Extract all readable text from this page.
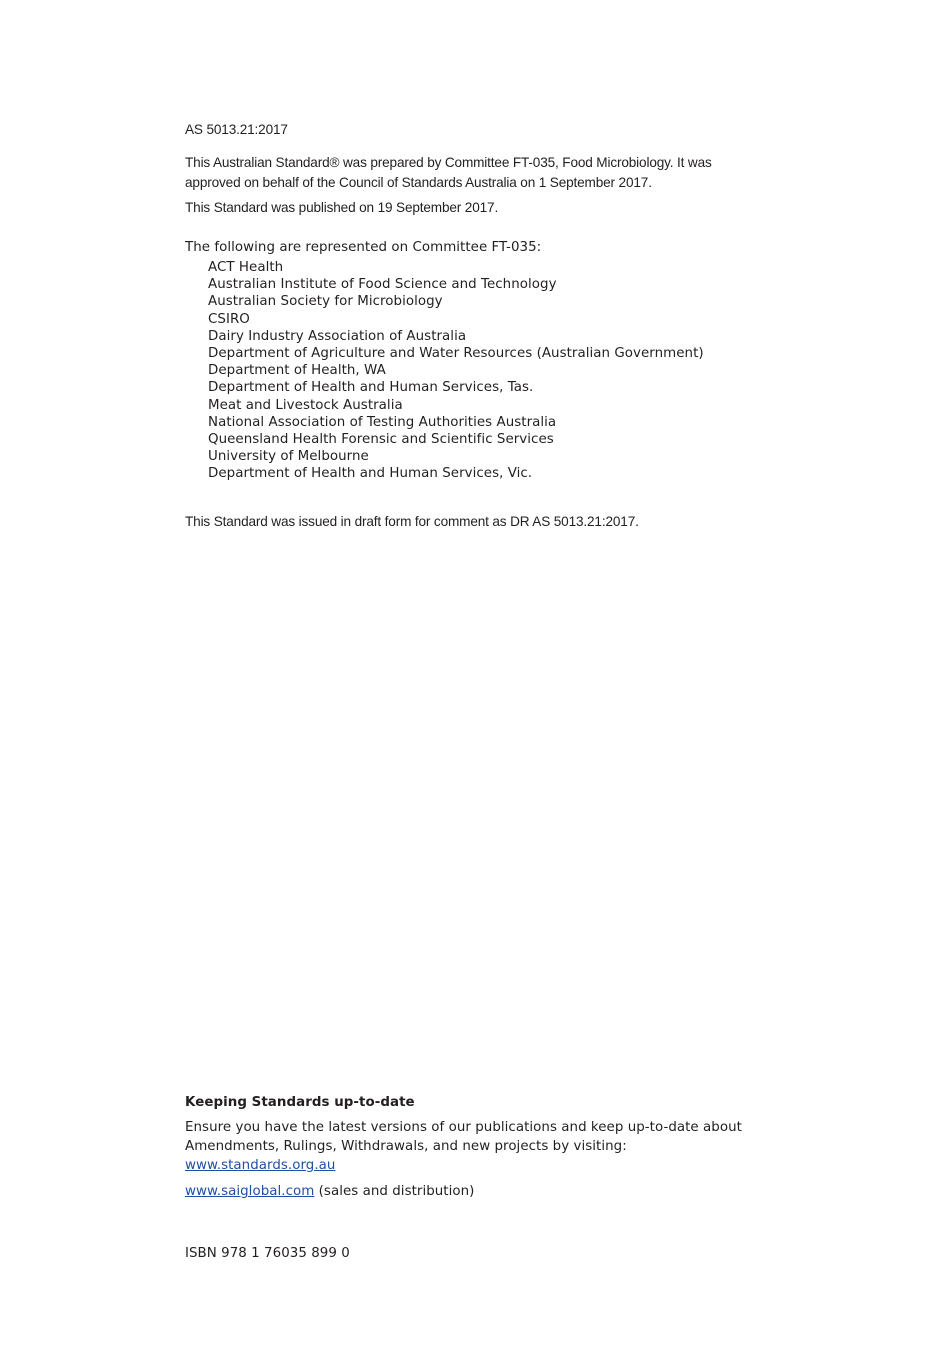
AS 5013.21:2017
This Australian Standard® was prepared by Committee FT-035, Food Microbiology. It was
approved on behalf of the Council of Standards Australia on 1 September 2017.
This Standard was published on 19 September 2017.
The following are represented on Committee FT-035:
ACT Health
Australian Institute of Food Science and Technology
Australian Society for Microbiology
CSIRO
Dairy Industry Association of Australia
Department of Agriculture and Water Resources (Australian Government)
Department of Health, WA
Department of Health and Human Services, Tas.
Meat and Livestock Australia
National Association of Testing Authorities Australia
Queensland Health Forensic and Scientific Services
University of Melbourne
Department of Health and Human Services, Vic.
This Standard was issued in draft form for comment as DR AS 5013.21:2017.
Keeping Standards up-to-date
Ensure you have the latest versions of our publications and keep up-to-date about
Amendments, Rulings, Withdrawals, and new projects by visiting:
www.standards.org.au
www.saiglobal.com (sales and distribution)
ISBN 978 1 76035 899 0
